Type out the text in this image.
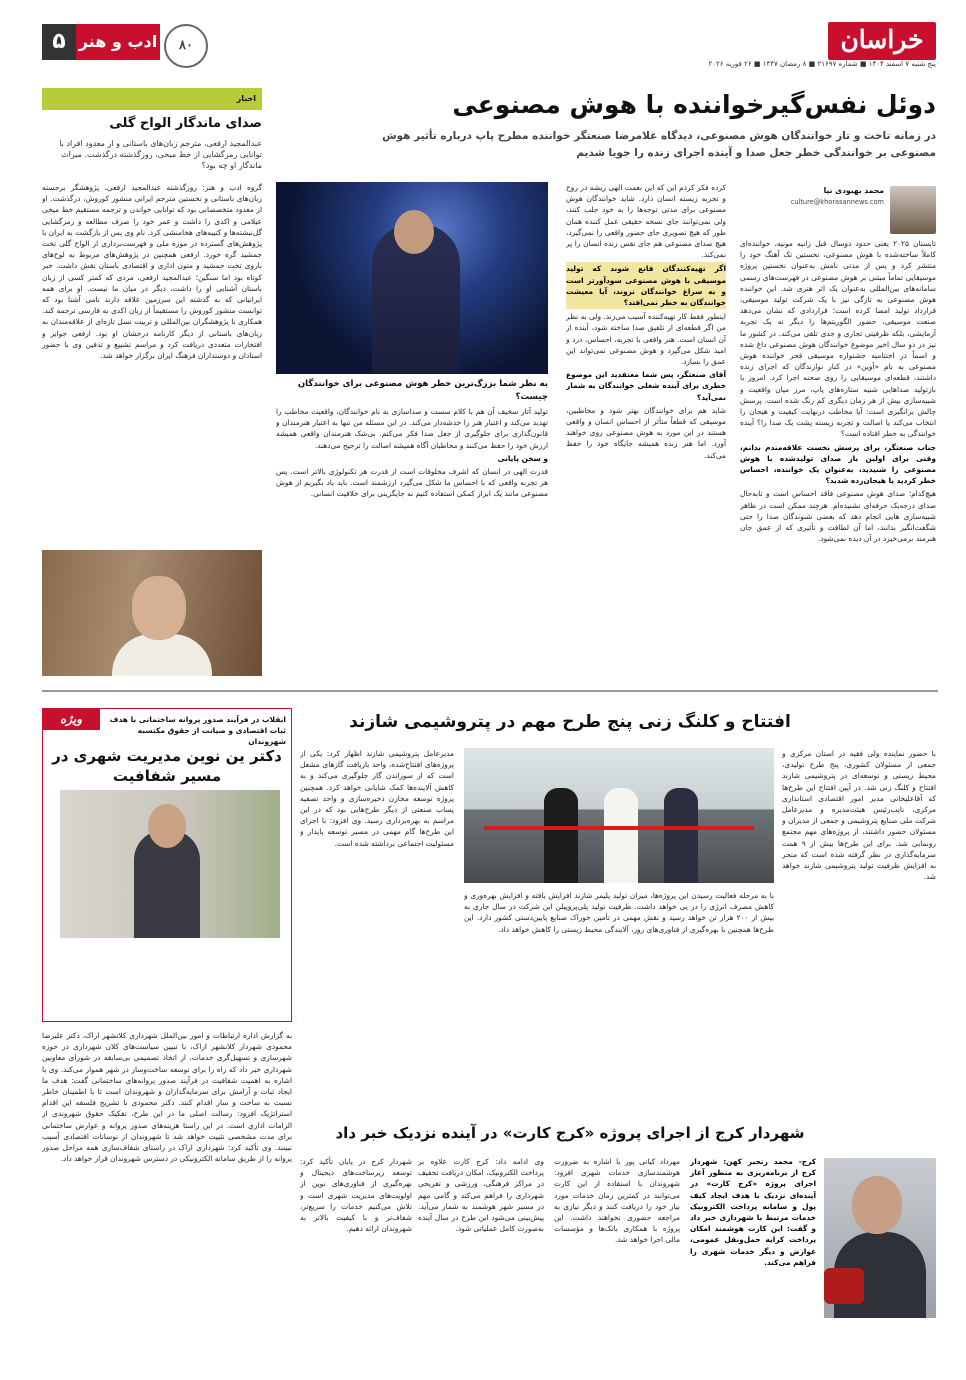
خراسان
پنج شنبه ۷ اسفند ۱۴۰۴ ■ شماره ۲۱۶۹۷ ■ ۸ رمضان ۱۴۴۷ ■ ۲۶ فوریه ۲۰۲۶
۵ ادب و هنر	۸۰
دوئل نفس‌گیرخواننده با هوش مصنوعی
در زمانه تاخت و تاز خوانندگان هوش مصنوعی، دیدگاه غلامرضا صنعتگر خواننده مطرح پاپ درباره تأثیر هوش مصنوعی بر خوانندگی خطر جعل صدا و آینده اجرای زنده را جویا شدیم
محمد بهبودی نیا
culture@khorasannews.com

تابستان ۲۰۲۵ یعنی حدود دوسال قبل زانیه مونیه، خواننده‌ای کاملاً ساخته‌شده با هوش مصنوعی، نخستین تک آهنگ خود را منتشر کرد و پس از مدتی نامش به‌عنوان نخستین پروژه موسیقایی تماماً مبتنی بر هوش مصنوعی در فهرست‌های رسمی سامانه‌های بین‌المللی به‌عنوان یک اثر هنری شد. این خواننده هوش مصنوعی به تازگی نیز با یک شرکت تولید موسیقی، قرارداد تولید امضا کرده است؛ قراردادی که نشان می‌دهد صنعت موسیقی، حضور الگوریتم‌ها را دیگر نه یک تجربه آزمایشی، بلکه ظرفیتی تجاری و جدی تلقی می‌کند. در کشور ما نیز در دو سال اخیر موضوع خوانندگان هوش مصنوعی داغ شده و اسماً در اختتامیه جشنواره موسیقی فجر خواننده هوش مصنوعی به نام «آوین» در کنار نوازندگان که اجرای زنده داشتند، قطعه‌ای موسیقایی را روی صحنه اجرا کرد. امروز با بازتولید صداهایی شبیه ستاره‌های پاپ، مرز میان واقعیت و شبیه‌سازی بیش از هر زمان دیگری کم رنگ شده است. پرسش چالش برانگیزی است: آیا مخاطب درنهایت کیفیت و هیجان را انتخاب می‌کند یا اصالت و تجربه زیسته پشت یک صدا را؟ آینده خوانندگی به خطر افتاده است؟

جناب صنعتگر، برای پرسش نخست علاقه‌مندم بدانم، وقتی برای اولین بار صدای تولیدشده با هوش مصنوعی را شنیدید، به‌عنوان یک خواننده، احساس خطر کردید یا هیجان‌زده شدید؟

هیچ‌کدام؛ صدای هوش مصنوعی فاقد احساس است و تابه‌حال صدای درجه‌یک حرفه‌ای نشنیده‌ام. هرچند ممکن است در ظاهر شبیه‌سازی هایی انجام دهد که بعضی شنوندگان صدا را حتی شگفت‌انگیز بدانند، اما آن لطافت و تأثیری که از عمق جان هنرمند برمی‌خیزد در آن دیده نمی‌شود.

کرده فکر کردم این که این نعمت الهی ریشه در روح و تجربه زیسته انسان دارد. شاید خوانندگان هوش مصنوعی برای مدتی توجه‌ها را به خود جلب کنند، ولی نمی‌توانند جای نسخه حقیقی عمل کننده همان طور که هیچ تصویری جای حضور واقعی را نمی‌گیرد، هیچ صدای مصنوعی هم جای نفس زنده انسان را پر نمی‌کند.

اگر تهیه‌کنندگان قانع شوند که تولید موسیقی با هوش مصنوعی سودآورتر است و به سراغ خوانندگان نروند، آیا معیشت خوانندگان به خطر نمی‌افتد؟

اینطور فقط کار تهیه‌کننده آسیب می‌زند. ولی به نظر من اگر قطعه‌ای از تلفیق صدا ساخته شود، آینده از آن انسان است. هنر واقعی با تجربه، احساس، درد و امید شکل می‌گیرد و هوش مصنوعی نمی‌تواند این عمق را بسازد.

آقای صنعتگر، پس شما معتقدید این موضوع خطری برای آینده شغلی خوانندگان به شمار نمی‌آید؟

شاید هم برای خوانندگان بهتر شود و مخاطبین، موسیقی که قطعاً متأثر از احساس انسان و واقعی هستند در این مورد به هوش مصنوعی روی خواهند آورد. اما هنر زنده همیشه جایگاه خود را حفظ می‌کند.

به نظر شما بزرگ‌ترین خطر هوش مصنوعی برای خوانندگان چیست؟

تولید آثار سخیف آن هم با کلام سست و صداسازی به نام خوانندگان، واقعیت مخاطب را تهدید می‌کند و اعتبار هنر را خدشه‌دار می‌کند. در این مسئله من تنها به اعتبار هنرمندان و قانون‌گذاری برای جلوگیری از جعل صدا فکر می‌کنم. بی‌شک هنرمندان واقعی همیشه ارزش خود را حفظ می‌کنند و مخاطبان آگاه همیشه اصالت را ترجیح می‌دهند.

و سخن پایانی

قدرت الهی در انسان که اشرف مخلوقات است از قدرت هر تکنولوژی بالاتر است. پس هر تجربه واقعی که با احساس ما شکل می‌گیرد ارزشمند است. باید یاد بگیریم از هوش مصنوعی مانند یک ابزار کمکی استفاده کنیم نه جایگزینی برای خلاقیت انسانی.

اخبار
صدای ماندگار الواح گلی
عبدالمجید ارفعی، مترجم زبان‌های باستانی و از معدود افراد با توانایی رمزگشایی از خط میخی، روزگذشته درگذشت. میراث ماندگار او چه بود؟
گروه ادب و هنر: روزگذشته عبدالمجید ارفعی، پژوهشگر برجسته زبان‌های باستانی و نخستین مترجم ایرانی منشور کوروش، درگذشت. او از معدود متخصصانی بود که توانایی خواندن و ترجمه مستقیم خط میخی عیلامی و اکدی را داشت و عمر خود را صرف مطالعه و رمزگشایی گل‌نبشته‌ها و کتیبه‌های هخامنشی کرد. نام وی پس از بازگشت به ایران با پژوهش‌های گسترده در موزه ملی و فهرست‌برداری از الواح گلی تخت جمشید گره خورد. ارفعی همچنین در پژوهش‌های مربوط به لوح‌های باروی تخت جمشید و متون اداری و اقتصادی باستان نقش داشت. خبر کوتاه بود اما سنگین؛ عبدالمجید ارفعی، مردی که کمتر کسی از زبان باستان آشنایی او را داشت، دیگر در میان ما نیست. او برای همه ایرانیانی که به گذشته این سرزمین علاقه دارند نامی آشنا بود که توانست منشور کوروش را مستقیماً از زبان اکدی به فارسی ترجمه کند. همکاری با پژوهشگران بین‌المللی و تربیت نسل تازه‌ای از علاقه‌مندان به زبان‌های باستانی از دیگر کارنامه درخشان او بود. ارفعی جوایز و افتخارات متعددی دریافت کرد و مراسم تشییع و تدفین وی با حضور استادان و دوستداران فرهنگ ایران برگزار خواهد شد.
افتتاح و کلنگ زنی پنج طرح مهم در پتروشیمی شازند

با حضور نماینده ولی فقیه در استان مرکزی و جمعی از مسئولان کشوری، پنج طرح تولیدی، محیط زیستی و توسعه‌ای در پتروشیمی شازند افتتاح و کلنگ زنی شد. در آیین افتتاح این طرح‌ها که آقاعلیخانی مدیر امور اقتصادی استانداری مرکزی، نایب‌رئیس هیئت‌مدیره و مدیرعامل شرکت ملی صنایع پتروشیمی و جمعی از مدیران و مسئولان حضور داشتند، از پروژه‌های مهم مجتمع رونمایی شد. برای این طرح‌ها بیش از ۹ همت سرمایه‌گذاری در نظر گرفته شده است که منجر به افزایش ظرفیت تولید پتروشیمی شازند خواهد شد.

با به مرحله فعالیت رسیدن این پروژه‌ها، میزان تولید پلیمر شازند افزایش یافته و افزایش بهره‌وری و کاهش مصرف انرژی را در پی خواهد داشت. ظرفیت تولید پلی‌پروپیلن این شرکت در سال جاری به بیش از ۲۰۰ هزار تن خواهد رسید و نقش مهمی در تأمین خوراک صنایع پایین‌دستی کشور دارد. این طرح‌ها همچنین با بهره‌گیری از فناوری‌های روز، آلایندگی محیط زیستی را کاهش خواهد داد.

مدیرعامل پتروشیمی شازند اظهار کرد: یکی از پروژه‌های افتتاح‌شده، واحد بازیافت گازهای مشعل است که از سوزاندن گاز جلوگیری می‌کند و به کاهش آلاینده‌ها کمک شایانی خواهد کرد. همچنین پروژه توسعه مخازن ذخیره‌سازی و واحد تصفیه پساب صنعتی از دیگر طرح‌هایی بود که در این مراسم به بهره‌برداری رسید. وی افزود: با اجرای این طرح‌ها گام مهمی در مسیر توسعه پایدار و مسئولیت اجتماعی برداشته شده است.

ویژه	انقلاب در فرآیند صدور پروانه ساختمانی با هدف ثبات اقتصادی و صیانت از حقوق مکتسبه شهروندان
دکتر ین نوین مدیریت شهری در مسیر شفافیت
به گزارش اداره ارتباطات و امور بین‌الملل شهرداری کلانشهر اراک، دکتر علیرضا محمودی شهردار کلانشهر اراک، با تبیین سیاست‌های کلان شهرداری در حوزه شهرسازی و تسهیل‌گری خدمات، از اتخاذ تصمیمی بی‌سابقه در شورای معاونین شهرداری خبر داد که راه را برای توسعه ساخت‌وساز در شهر هموار می‌کند. وی با اشاره به اهمیت شفافیت در فرآیند صدور پروانه‌های ساختمانی گفت: هدف ما ایجاد ثبات و آرامش برای سرمایه‌گذاران و شهروندان است تا با اطمینان خاطر نسبت به ساخت و ساز اقدام کنند. دکتر محمودی با تشریح فلسفه این اقدام استراتژیک افزود: رسالت اصلی ما در این طرح، تفکیک حقوق شهروندی از الزامات اداری است. در این راستا هزینه‌های صدور پروانه و عوارض ساختمانی برای مدت مشخصی تثبیت خواهد شد تا شهروندان از نوسانات اقتصادی آسیب نبینند. وی تأکید کرد: شهرداری اراک در راستای شفاف‌سازی همه مراحل صدور پروانه را از طریق سامانه الکترونیکی در دسترس شهروندان قرار خواهد داد.
شهردار کرج از اجرای پروژه «کرج کارت» در آینده نزدیک خبر داد

کرج- محمد رنجبر کهن: شهردار کرج از برنامه‌ریزی به منظور آغاز اجرای پروژه «کرج کارت» در آینده‌ای نزدیک با هدف ایجاد کیف پول و سامانه پرداخت الکترونیک خدمات مرتبط با شهرداری خبر داد و گفت: این کارت هوشمند امکان پرداخت کرایه حمل‌ونقل عمومی، عوارض و دیگر خدمات شهری را فراهم می‌کند.

مهرداد کیانی پور با اشاره به ضرورت هوشمندسازی خدمات شهری افزود: شهروندان با استفاده از این کارت می‌توانند در کمترین زمان خدمات مورد نیاز خود را دریافت کنند و دیگر نیازی به مراجعه حضوری نخواهند داشت. این پروژه با همکاری بانک‌ها و مؤسسات مالی اجرا خواهد شد.

وی ادامه داد: کرج کارت علاوه بر پرداخت الکترونیک، امکان دریافت تخفیف در مراکز فرهنگی، ورزشی و تفریحی شهرداری را فراهم می‌کند و گامی مهم در مسیر شهر هوشمند به شمار می‌آید. پیش‌بینی می‌شود این طرح در سال آینده به‌صورت کامل عملیاتی شود.

شهردار کرج در پایان تأکید کرد: توسعه زیرساخت‌های دیجیتال و بهره‌گیری از فناوری‌های نوین از اولویت‌های مدیریت شهری است و تلاش می‌کنیم خدمات را سریع‌تر، شفاف‌تر و با کیفیت بالاتر به شهروندان ارائه دهیم.
